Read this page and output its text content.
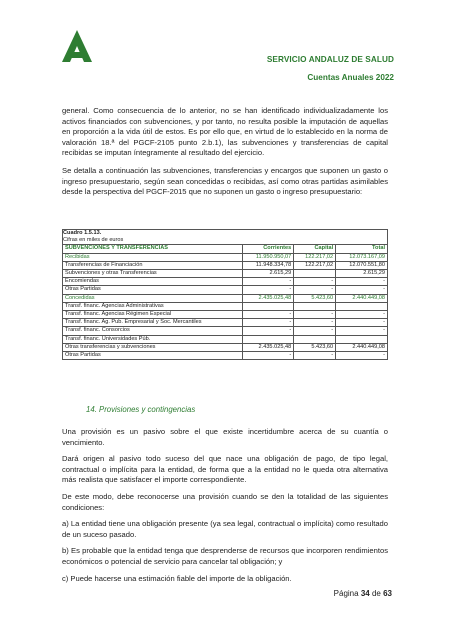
SERVICIO ANDALUZ DE SALUD
Cuentas Anuales 2022

general. Como consecuencia de lo anterior, no se han identificado individualizadamente los activos financiados con subvenciones, y por tanto, no resulta posible la imputación de aquellas en proporción a la vida útil de estos. Es por ello que, en virtud de lo establecido en la norma de valoración 18.ª del PGCF-2105 punto 2.b.1), las subvenciones y transferencias de capital recibidas se imputan íntegramente al resultado del ejercicio.

Se detalla a continuación las subvenciones, transferencias y encargos que suponen un gasto o ingreso presupuestario, según sean concedidas o recibidas, así como otras partidas asimilables desde la perspectiva del PGCF-2015 que no suponen un gasto o ingreso presupuestario:

Cuadro 1.5.13.			
Cifras en miles de euros			
SUBVENCIONES Y TRANSFERENCIAS	Corrientes	Capital	Total
Recibidas	11.950.950,07	122.217,02	12.073.167,09
Transferencias de Financiación	11.948.334,78	122.217,02	12.070.551,80
Subvenciones y otras Transferencias	2.615,29		2.615,29
Encomiendas	-	-	-
Otras Partidas	-	-	-
Concedidas	2.435.025,48	5.423,60	2.440.449,08
Transf. financ. Agencias Administrativas			
Transf. financ. Agencias Régimen Especial	-	-	-
Transf. financ. Ag. Pub. Empresarial y Soc. Mercantiles	-	-	-
Transf. financ. Consorcios	-	-	-
Transf. financ. Universidades Púb.			
Otras transferencias y subvenciones	2.435.025,48	5.423,60	2.440.449,08
Otras Partidas	-	-	-
14. Provisiones y contingencias

Una provisión es un pasivo sobre el que existe incertidumbre acerca de su cuantía o vencimiento.

Dará origen al pasivo todo suceso del que nace una obligación de pago, de tipo legal, contractual o implícita para la entidad, de forma que a la entidad no le queda otra alternativa más realista que satisfacer el importe correspondiente.

De este modo, debe reconocerse una provisión cuando se den la totalidad de las siguientes condiciones:

a) La entidad tiene una obligación presente (ya sea legal, contractual o implícita) como resultado de un suceso pasado.

b) Es probable que la entidad tenga que desprenderse de recursos que incorporen rendimientos económicos o potencial de servicio para cancelar tal obligación; y

c) Puede hacerse una estimación fiable del importe de la obligación.

Página 34 de 63
